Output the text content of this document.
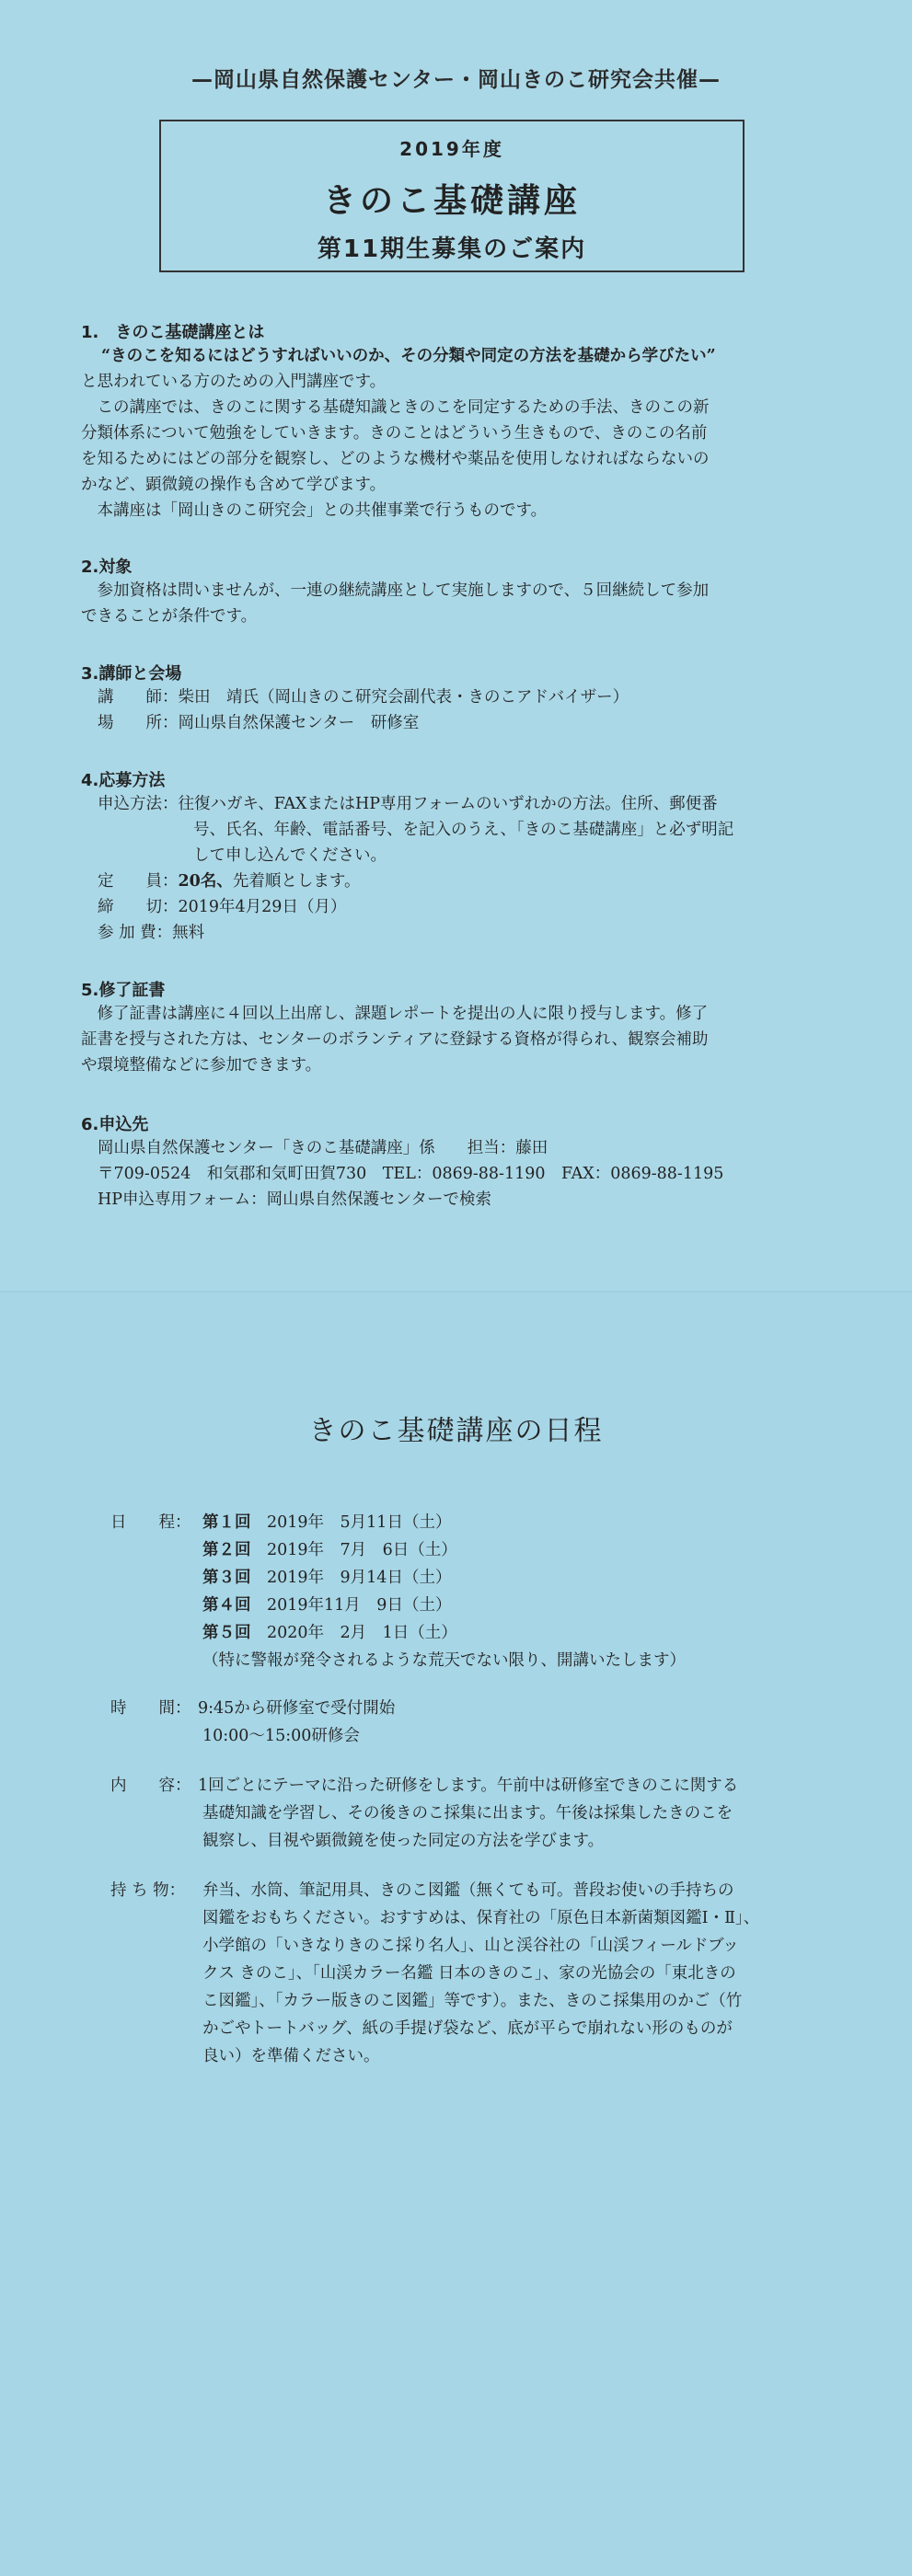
—岡山県自然保護センター・岡山きのこ研究会共催—
2019年度
きのこ基礎講座
第11期生募集のご案内
1.　きのこ基礎講座とは
“きのこを知るにはどうすればいいのか、その分類や同定の方法を基礎から学びたい”
と思われている方のための入門講座です。
　この講座では、きのこに関する基礎知識ときのこを同定するための手法、きのこの新
分類体系について勉強をしていきます。きのことはどういう生きもので、きのこの名前
を知るためにはどの部分を観察し、どのような機材や薬品を使用しなければならないの
かなど、顕微鏡の操作も含めて学びます。
　本講座は「岡山きのこ研究会」との共催事業で行うものです。
2.対象
　参加資格は問いませんが、一連の継続講座として実施しますので、５回継続して参加
できることが条件です。
3.講師と会場
講　　師：柴田　靖氏（岡山きのこ研究会副代表・きのこアドバイザー）
場　　所：岡山県自然保護センター　研修室
4.応募方法
申込方法：往復ハガキ、FAXまたはHP専用フォームのいずれかの方法。住所、郵便番
号、氏名、年齢、電話番号、を記入のうえ、「きのこ基礎講座」と必ず明記
して申し込んでください。
定　　員：20名、先着順とします。
締　　切：2019年4月29日（月）
参 加 費：無料
5.修了証書
　修了証書は講座に４回以上出席し、課題レポートを提出の人に限り授与します。修了
証書を授与された方は、センターのボランティアに登録する資格が得られ、観察会補助
や環境整備などに参加できます。
6.申込先
岡山県自然保護センター「きのこ基礎講座」係　　担当：藤田
〒709-0524　和気郡和気町田賀730　TEL：0869-88-1190　FAX：0869-88-1195
HP申込専用フォーム：岡山県自然保護センターで検索
きのこ基礎講座の日程
日　　程： 第１回　 2019年　5月11日（土）
第２回　 2019年　7月　6日（土）
第３回　 2019年　9月14日（土）
第４回　 2019年11月　9日（土）
第５回　 2020年　2月　1日（土）
（特に警報が発令されるような荒天でない限り、開講いたします）
時　　間： 9:45から研修室で受付開始
10:00～15:00研修会
内　　容： 1回ごとにテーマに沿った研修をします。午前中は研修室できのこに関する
基礎知識を学習し、その後きのこ採集に出ます。午後は採集したきのこを
観察し、目視や顕微鏡を使った同定の方法を学びます。
持 ち 物： 弁当、水筒、筆記用具、きのこ図鑑（無くても可。普段お使いの手持ちの
図鑑をおもちください。おすすめは、保育社の「原色日本新菌類図鑑Ⅰ・Ⅱ」、
小学館の「いきなりきのこ採り名人」、山と渓谷社の「山渓フィールドブッ
クス きのこ」、「山渓カラー名鑑 日本のきのこ」、家の光協会の「東北きの
こ図鑑」、「カラー版きのこ図鑑」等です）。また、きのこ採集用のかご（竹
かごやトートバッグ、紙の手提げ袋など、底が平らで崩れない形のものが
良い）を準備ください。
